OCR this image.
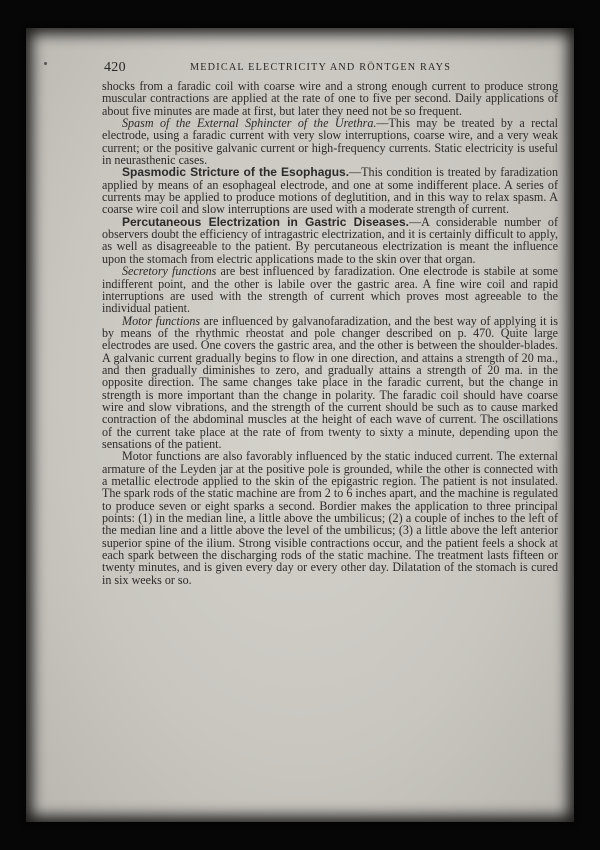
420	MEDICAL ELECTRICITY AND RÖNTGEN RAYS

shocks from a faradic coil with coarse wire and a strong enough current to produce strong muscular contractions are applied at the rate of one to five per second. Daily applications of about five minutes are made at first, but later they need not be so frequent.

Spasm of the External Sphincter of the Urethra.—This may be treated by a rectal electrode, using a faradic current with very slow interruptions, coarse wire, and a very weak current; or the positive galvanic current or high-frequency currents. Static electricity is useful in neurasthenic cases.

Spasmodic Stricture of the Esophagus.—This condition is treated by faradization applied by means of an esophageal electrode, and one at some indifferent place. A series of currents may be applied to produce motions of deglutition, and in this way to relax spasm. A coarse wire coil and slow interruptions are used with a moderate strength of current.

Percutaneous Electrization in Gastric Diseases.—A considerable number of observers doubt the efficiency of intragastric electrization, and it is certainly difficult to apply, as well as disagreeable to the patient. By percutaneous electrization is meant the influence upon the stomach from electric applications made to the skin over that organ.

Secretory functions are best influenced by faradization. One electrode is stabile at some indifferent point, and the other is labile over the gastric area. A fine wire coil and rapid interruptions are used with the strength of current which proves most agreeable to the individual patient.

Motor functions are influenced by galvanofaradization, and the best way of applying it is by means of the rhythmic rheostat and pole changer described on p. 470. Quite large electrodes are used. One covers the gastric area, and the other is between the shoulder-blades. A galvanic current gradually begins to flow in one direction, and attains a strength of 20 ma., and then gradually diminishes to zero, and gradually attains a strength of 20 ma. in the opposite direction. The same changes take place in the faradic current, but the change in strength is more important than the change in polarity. The faradic coil should have coarse wire and slow vibrations, and the strength of the current should be such as to cause marked contraction of the abdominal muscles at the height of each wave of current. The oscillations of the current take place at the rate of from twenty to sixty a minute, depending upon the sensations of the patient.

Motor functions are also favorably influenced by the static induced current. The external armature of the Leyden jar at the positive pole is grounded, while the other is connected with a metallic electrode applied to the skin of the epigastric region. The patient is not insulated. The spark rods of the static machine are from 2 to 6 inches apart, and the machine is regulated to produce seven or eight sparks a second. Bordier makes the application to three principal points: (1) in the median line, a little above the umbilicus; (2) a couple of inches to the left of the median line and a little above the level of the umbilicus; (3) a little above the left anterior superior spine of the ilium. Strong visible contractions occur, and the patient feels a shock at each spark between the discharging rods of the static machine. The treatment lasts fifteen or twenty minutes, and is given every day or every other day. Dilatation of the stomach is cured in six weeks or so.
